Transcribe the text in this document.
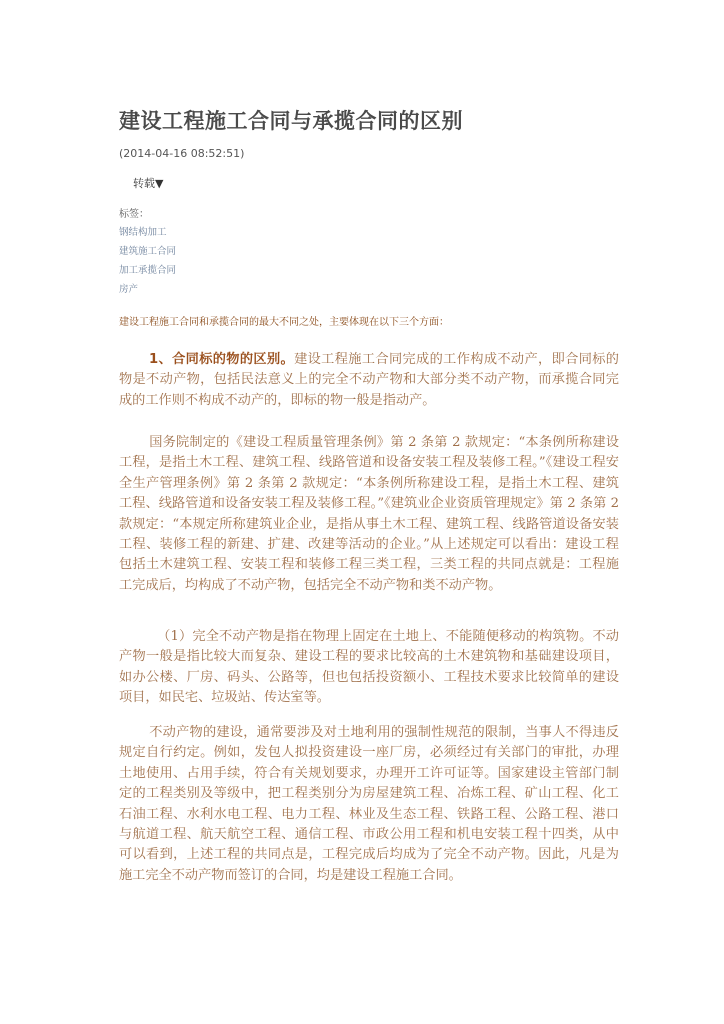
建设工程施工合同与承揽合同的区别
(2014-04-16 08:52:51)
转载▼
标签：
钢结构加工
建筑施工合同
加工承揽合同
房产
建设工程施工合同和承揽合同的最大不同之处，主要体现在以下三个方面：

1、合同标的物的区别。建设工程施工合同完成的工作构成不动产，即合同标的物是不动产物，包括民法意义上的完全不动产物和大部分类不动产物，而承揽合同完成的工作则不构成不动产的，即标的物一般是指动产。

国务院制定的《建设工程质量管理条例》第 2 条第 2 款规定：“本条例所称建设工程，是指土木工程、建筑工程、线路管道和设备安装工程及装修工程。”《建设工程安全生产管理条例》第 2 条第 2 款规定：“本条例所称建设工程，是指土木工程、建筑工程、线路管道和设备安装工程及装修工程。”《建筑业企业资质管理规定》第 2 条第 2 款规定：“本规定所称建筑业企业，是指从事土木工程、建筑工程、线路管道设备安装工程、装修工程的新建、扩建、改建等活动的企业。”从上述规定可以看出：建设工程包括土木建筑工程、安装工程和装修工程三类工程，三类工程的共同点就是：工程施工完成后，均构成了不动产物，包括完全不动产物和类不动产物。

（1）完全不动产物是指在物理上固定在土地上、不能随便移动的构筑物。不动产物一般是指比较大而复杂、建设工程的要求比较高的土木建筑物和基础建设项目，如办公楼、厂房、码头、公路等，但也包括投资额小、工程技术要求比较简单的建设项目，如民宅、垃圾站、传达室等。

不动产物的建设，通常要涉及对土地利用的强制性规范的限制，当事人不得违反规定自行约定。例如，发包人拟投资建设一座厂房，必须经过有关部门的审批，办理土地使用、占用手续，符合有关规划要求，办理开工许可证等。国家建设主管部门制定的工程类别及等级中，把工程类别分为房屋建筑工程、冶炼工程、矿山工程、化工石油工程、水利水电工程、电力工程、林业及生态工程、铁路工程、公路工程、港口与航道工程、航天航空工程、通信工程、市政公用工程和机电安装工程十四类，从中可以看到，上述工程的共同点是，工程完成后均成为了完全不动产物。因此，凡是为施工完全不动产物而签订的合同，均是建设工程施工合同。
